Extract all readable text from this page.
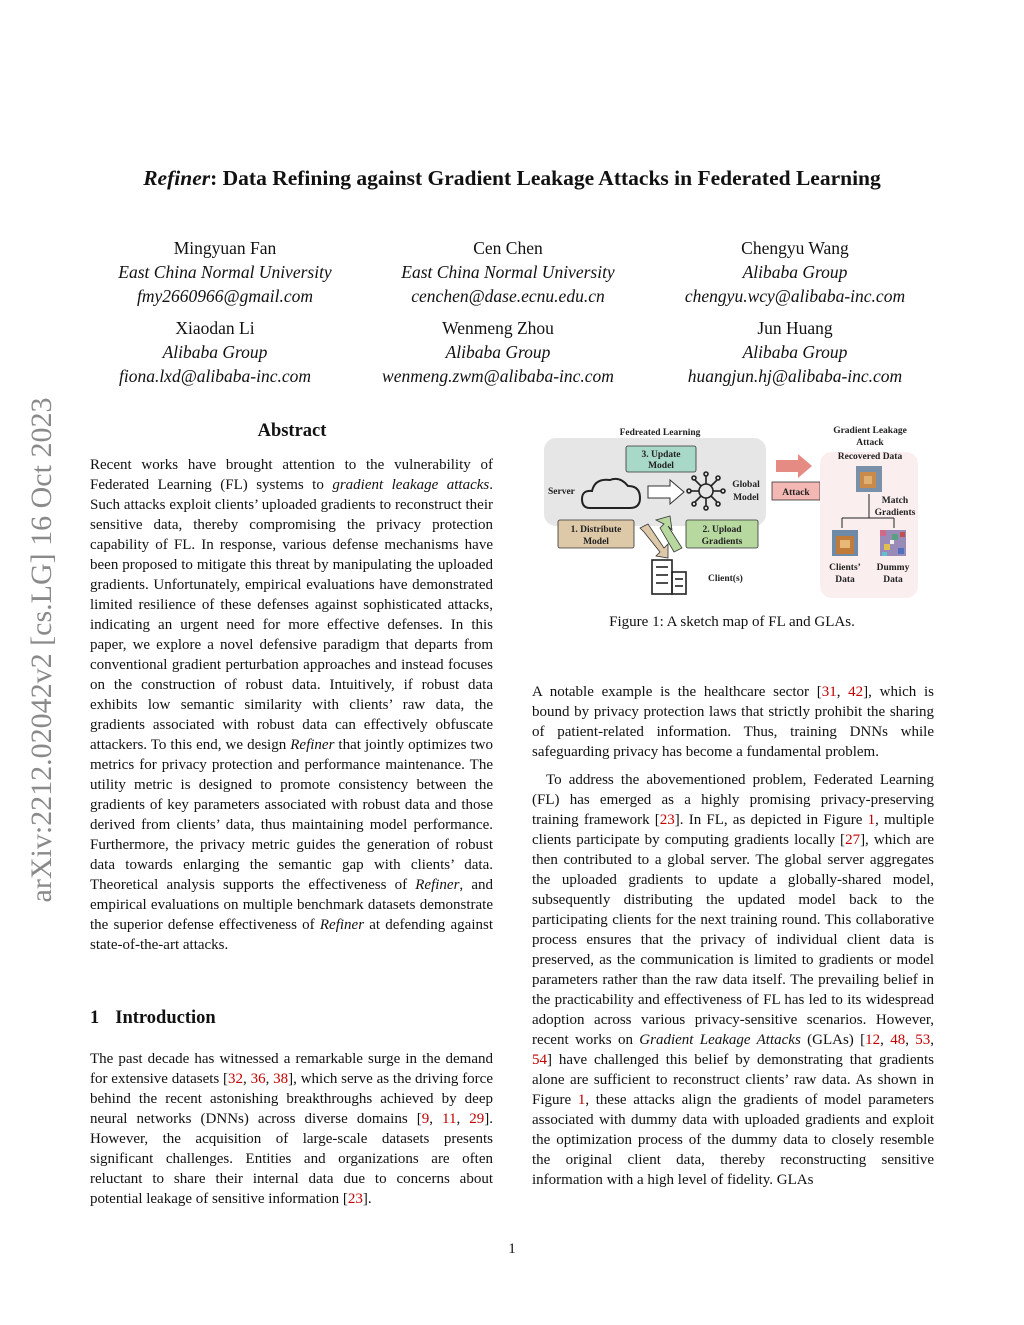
Refiner: Data Refining against Gradient Leakage Attacks in Federated Learning
Mingyuan Fan
East China Normal University
fmy2660966@gmail.com
Cen Chen
East China Normal University
cenchen@dase.ecnu.edu.cn
Chengyu Wang
Alibaba Group
chengyu.wcy@alibaba-inc.com
Xiaodan Li
Alibaba Group
fiona.lxd@alibaba-inc.com
Wenmeng Zhou
Alibaba Group
wenmeng.zwm@alibaba-inc.com
Jun Huang
Alibaba Group
huangjun.hj@alibaba-inc.com
arXiv:2212.02042v2 [cs.LG] 16 Oct 2023	Abstract

Recent works have brought attention to the vulnerability of Federated Learning (FL) systems to gradient leakage attacks. Such attacks exploit clients’ uploaded gradients to reconstruct their sensitive data, thereby compromising the privacy protection capability of FL. In response, various defense mechanisms have been proposed to mitigate this threat by manipulating the uploaded gradients. Unfortunately, empirical evaluations have demonstrated limited resilience of these defenses against sophisticated attacks, indicating an urgent need for more effective defenses. In this paper, we explore a novel defensive paradigm that departs from conventional gradient perturbation approaches and instead focuses on the construction of robust data. Intuitively, if robust data exhibits low semantic similarity with clients’ raw data, the gradients associated with robust data can effectively obfuscate attackers. To this end, we design Refiner that jointly optimizes two metrics for privacy protection and performance maintenance. The utility metric is designed to promote consistency between the gradients of key parameters associated with robust data and those derived from clients’ data, thus maintaining model performance. Furthermore, the privacy metric guides the generation of robust data towards enlarging the semantic gap with clients’ data. Theoretical analysis supports the effectiveness of Refiner, and empirical evaluations on multiple benchmark datasets demonstrate the superior defense effectiveness of Refiner at defending against state-of-the-art attacks.

1 Introduction

The past decade has witnessed a remarkable surge in the demand for extensive datasets [32, 36, 38], which serve as the driving force behind the recent astonishing breakthroughs achieved by deep neural networks (DNNs) across diverse domains [9, 11, 29]. However, the acquisition of large-scale datasets presents significant challenges. Entities and organizations are often reluctant to share their internal data due to concerns about potential leakage of sensitive information [23].

Fedreated Learning
3. Update
Model
Server
Global
Model
1. Distribute
Model
2. Upload
Gradients
Client(s)
Attack
Gradient Leakage
Attack
Recovered Data
Match
Gradients
Clients’
Data
Dummy
Data
Figure 1: A sketch map of FL and GLAs.

A notable example is the healthcare sector [31, 42], which is bound by privacy protection laws that strictly prohibit the sharing of patient-related information. Thus, training DNNs while safeguarding privacy has become a fundamental problem.

To address the abovementioned problem, Federated Learning (FL) has emerged as a highly promising privacy-preserving training framework [23]. In FL, as depicted in Figure 1, multiple clients participate by computing gradients locally [27], which are then contributed to a global server. The global server aggregates the uploaded gradients to update a globally-shared model, subsequently distributing the updated model back to the participating clients for the next training round. This collaborative process ensures that the privacy of individual client data is preserved, as the communication is limited to gradients or model parameters rather than the raw data itself. The prevailing belief in the practicability and effectiveness of FL has led to its widespread adoption across various privacy-sensitive scenarios. However, recent works on Gradient Leakage Attacks (GLAs) [12, 48, 53, 54] have challenged this belief by demonstrating that gradients alone are sufficient to reconstruct clients’ raw data. As shown in Figure 1, these attacks align the gradients of model parameters associated with dummy data with uploaded gradients and exploit the optimization process of the dummy data to closely resemble the original client data, thereby reconstructing sensitive information with a high level of fidelity. GLAs

1
